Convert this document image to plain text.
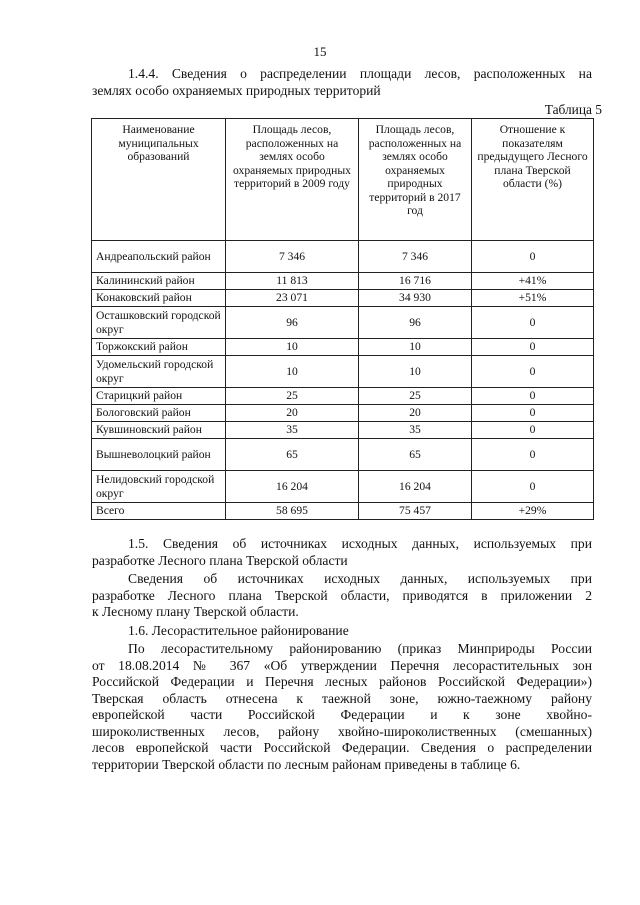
15

1.4.4. Сведения о распределении площади лесов, расположенных на
землях особо охраняемых природных территорий

Таблица 5
Наименование муниципальных образований	Площадь лесов, расположенных на землях особо охраняемых природных территорий в 2009 году	Площадь лесов, расположенных на землях особо охраняемых природных территорий в 2017 год	Отношение к показателям предыдущего Лесного плана Тверской области (%)
Андреапольский район	7 346	7 346	0
Калининский район	11 813	16 716	+41%
Конаковский район	23 071	34 930	+51%
Осташковский городской округ	96	96	0
Торжокский район	10	10	0
Удомельский городской округ	10	10	0
Старицкий район	25	25	0
Бологовский район	20	20	0
Кувшиновский район	35	35	0
Вышневолоцкий район	65	65	0
Нелидовский городской округ	16 204	16 204	0
Всего	58 695	75 457	+29%

1.5. Сведения об источниках исходных данных, используемых при
разработке Лесного плана Тверской области

Сведения об источниках исходных данных, используемых при
разработке Лесного плана Тверской области, приводятся в приложении 2
к Лесному плану Тверской области.

1.6. Лесорастительное районирование

По лесорастительному районированию (приказ Минприроды России
от 18.08.2014 № 367 «Об утверждении Перечня лесорастительных зон
Российской Федерации и Перечня лесных районов Российской Федерации»)
Тверская область отнесена к таежной зоне, южно-таежному району
европейской части Российской Федерации и к зоне хвойно-
широколиственных лесов, району хвойно-широколиственных (смешанных)
лесов европейской части Российской Федерации. Сведения о распределении
территории Тверской области по лесным районам приведены в таблице 6.
